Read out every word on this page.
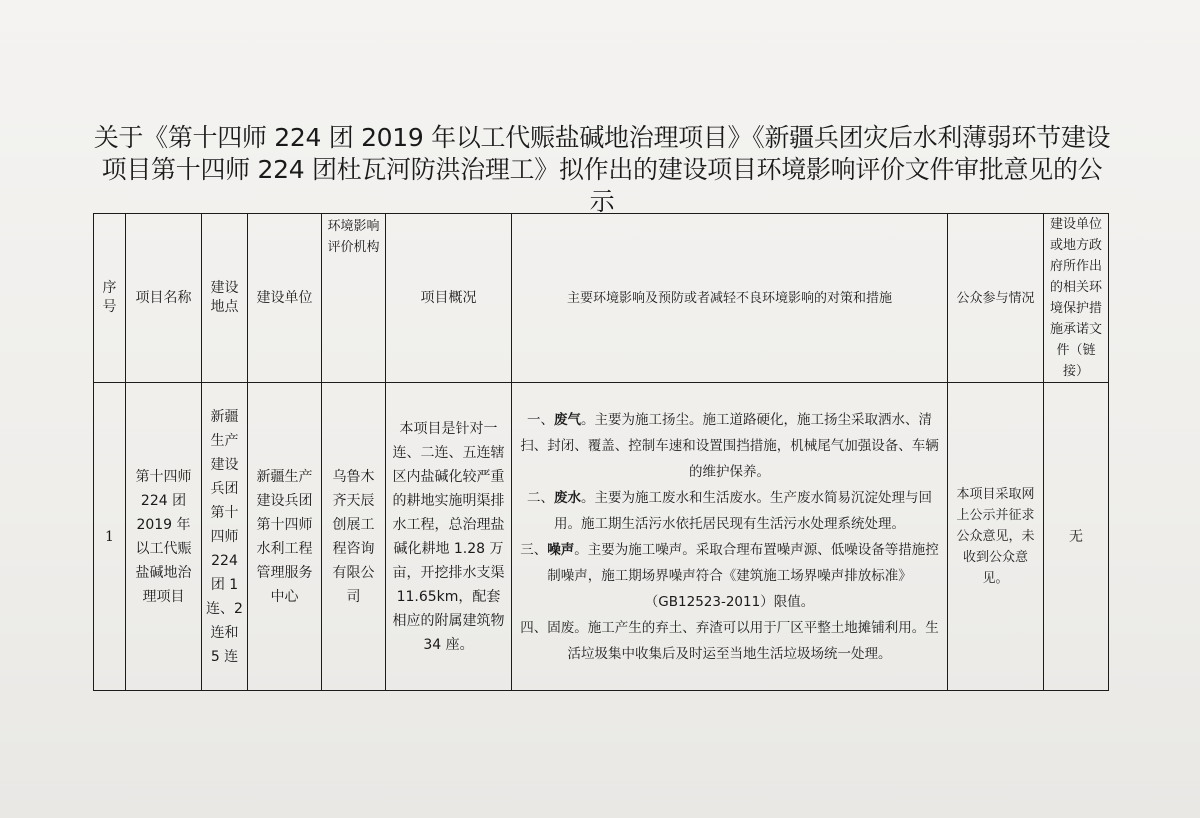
关于《第十四师 224 团 2019 年以工代赈盐碱地治理项目》《新疆兵团灾后水利薄弱环节建设项目第十四师 224 团杜瓦河防洪治理工》拟作出的建设项目环境影响评价文件审批意见的公示
序号	项目名称	建设地点	建设单位	环境影响评价机构	项目概况	主要环境影响及预防或者减轻不良环境影响的对策和措施	公众参与情况	建设单位或地方政府所作出的相关环境保护措施承诺文件（链接）
1	第十四师 224 团 2019 年以工代赈盐碱地治理项目	新疆生产建设兵团第十四师 224 团 1 连、2 连和 5 连	新疆生产建设兵团第十四师水利工程管理服务中心	乌鲁木齐天辰创展工程咨询有限公司	本项目是针对一连、二连、五连辖区内盐碱化较严重的耕地实施明渠排水工程，总治理盐碱化耕地 1.28 万亩，开挖排水支渠 11.65km，配套相应的附属建筑物 34 座。	一、废气。主要为施工扬尘。施工道路硬化，施工扬尘采取洒水、清扫、封闭、覆盖、控制车速和设置围挡措施，机械尾气加强设备、车辆的维护保养。

二、废水。主要为施工废水和生活废水。生产废水简易沉淀处理与回用。施工期生活污水依托居民现有生活污水处理系统处理。

三、噪声。主要为施工噪声。采取合理布置噪声源、低噪设备等措施控制噪声，施工期场界噪声符合《建筑施工场界噪声排放标准》（GB12523-2011）限值。

四、固废。施工产生的弃土、弃渣可以用于厂区平整土地摊铺利用。生活垃圾集中收集后及时运至当地生活垃圾场统一处理。	本项目采取网上公示并征求公众意见，未收到公众意见。	无
